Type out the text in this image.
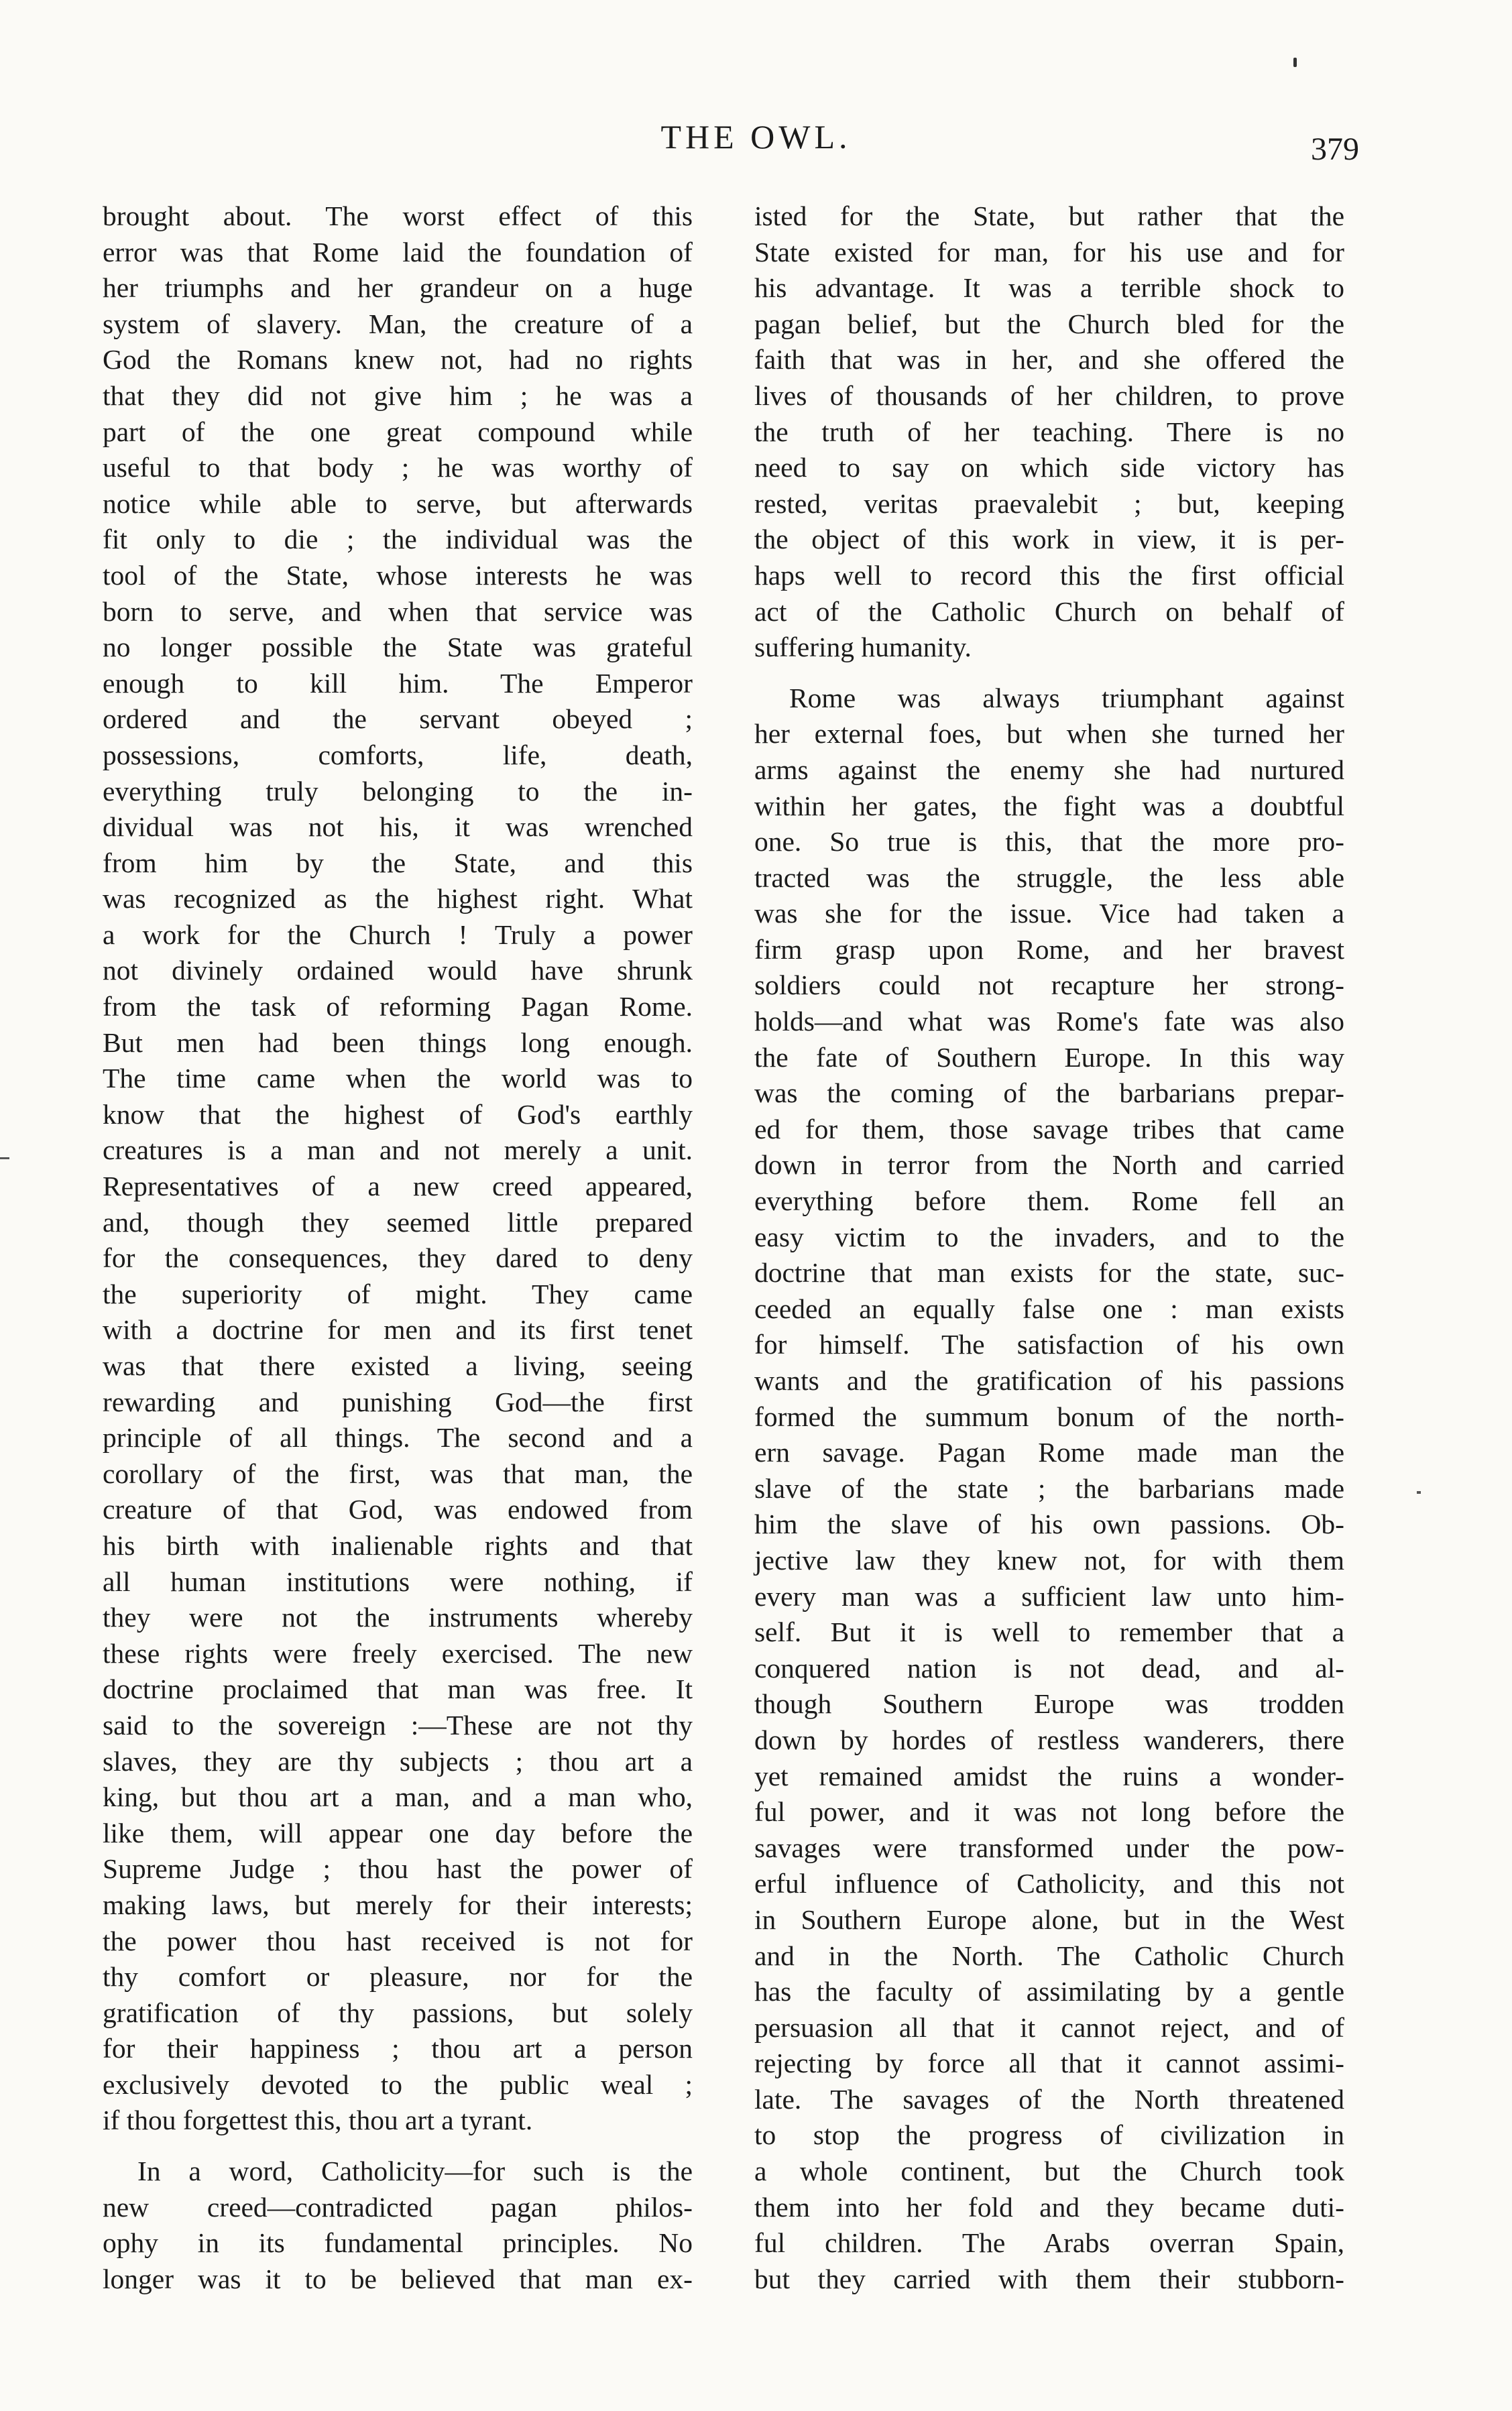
THE OWL.	379
brought about. The worst effect of this
error was that Rome laid the foundation of
her triumphs and her grandeur on a huge
system of slavery. Man, the creature of a
God the Romans knew not, had no rights
that they did not give him ; he was a
part of the one great compound while
useful to that body ; he was worthy of
notice while able to serve, but afterwards
fit only to die ; the individual was the
tool of the State, whose interests he was
born to serve, and when that service was
no longer possible the State was grateful
enough to kill him. The Emperor
ordered and the servant obeyed ;
possessions, comforts, life, death,
everything truly belonging to the in-
dividual was not his, it was wrenched
from him by the State, and this
was recognized as the highest right. What
a work for the Church ! Truly a power
not divinely ordained would have shrunk
from the task of reforming Pagan Rome.
But men had been things long enough.
The time came when the world was to
know that the highest of God's earthly
creatures is a man and not merely a unit.
Representatives of a new creed appeared,
and, though they seemed little prepared
for the consequences, they dared to deny
the superiority of might. They came
with a doctrine for men and its first tenet
was that there existed a living, seeing
rewarding and punishing God—the first
principle of all things. The second and a
corollary of the first, was that man, the
creature of that God, was endowed from
his birth with inalienable rights and that
all human institutions were nothing, if
they were not the instruments whereby
these rights were freely exercised. The new
doctrine proclaimed that man was free. It
said to the sovereign :—These are not thy
slaves, they are thy subjects ; thou art a
king, but thou art a man, and a man who,
like them, will appear one day before the
Supreme Judge ; thou hast the power of
making laws, but merely for their interests;
the power thou hast received is not for
thy comfort or pleasure, nor for the
gratification of thy passions, but solely
for their happiness ; thou art a person
exclusively devoted to the public weal ;
if thou forgettest this, thou art a tyrant.
In a word, Catholicity—for such is the
new creed—contradicted pagan philos-
ophy in its fundamental principles. No
longer was it to be believed that man ex-
isted for the State, but rather that the
State existed for man, for his use and for
his advantage. It was a terrible shock to
pagan belief, but the Church bled for the
faith that was in her, and she offered the
lives of thousands of her children, to prove
the truth of her teaching. There is no
need to say on which side victory has
rested, veritas praevalebit ; but, keeping
the object of this work in view, it is per-
haps well to record this the first official
act of the Catholic Church on behalf of
suffering humanity.
Rome was always triumphant against
her external foes, but when she turned her
arms against the enemy she had nurtured
within her gates, the fight was a doubtful
one. So true is this, that the more pro-
tracted was the struggle, the less able
was she for the issue. Vice had taken a
firm grasp upon Rome, and her bravest
soldiers could not recapture her strong-
holds—and what was Rome's fate was also
the fate of Southern Europe. In this way
was the coming of the barbarians prepar-
ed for them, those savage tribes that came
down in terror from the North and carried
everything before them. Rome fell an
easy victim to the invaders, and to the
doctrine that man exists for the state, suc-
ceeded an equally false one : man exists
for himself. The satisfaction of his own
wants and the gratification of his passions
formed the summum bonum of the north-
ern savage. Pagan Rome made man the
slave of the state ; the barbarians made
him the slave of his own passions. Ob-
jective law they knew not, for with them
every man was a sufficient law unto him-
self. But it is well to remember that a
conquered nation is not dead, and al-
though Southern Europe was trodden
down by hordes of restless wanderers, there
yet remained amidst the ruins a wonder-
ful power, and it was not long before the
savages were transformed under the pow-
erful influence of Catholicity, and this not
in Southern Europe alone, but in the West
and in the North. The Catholic Church
has the faculty of assimilating by a gentle
persuasion all that it cannot reject, and of
rejecting by force all that it cannot assimi-
late. The savages of the North threatened
to stop the progress of civilization in
a whole continent, but the Church took
them into her fold and they became duti-
ful children. The Arabs overran Spain,
but they carried with them their stubborn-
